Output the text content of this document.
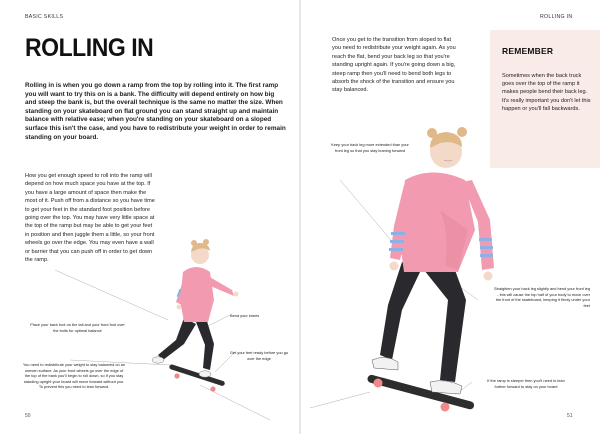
BASIC SKILLS
ROLLING IN
Rolling in is when you go down a ramp from the top by rolling into it. The first ramp you will want to try this on is a bank. The difficulty will depend entirely on how big and steep the bank is, but the overall technique is the same no matter the size. When standing on your skateboard on flat ground you can stand straight up and maintain balance with relative ease; when you're standing on your skateboard on a sloped surface this isn't the case, and you have to redistribute your weight in order to remain standing on your board.
How you get enough speed to roll into the ramp will depend on how much space you have at the top. If you have a large amount of space then make the most of it. Push off from a distance so you have time to get your feet in the standard foot position before going over the top. You may have very little space at the top of the ramp but may be able to get your feet in position and then juggle them a little, so your front wheels go over the edge. You may even have a wall or barrier that you can push off in order to get down the ramp.
Place your back foot on the tail and your front foot over the bolts for optimal balance
Bend your knees
You need to redistribute your weight to stay balanced on an uneven surface. As your front wheels go over the edge of the top of the bank you'll begin to roll down, so if you stay standing upright your board will move forward without you. To prevent this you need to lean forward.
Get your feet ready before you go over the edge
50
ROLLING IN
Once you get to the transition from sloped to flat you need to redistribute your weight again. As you reach the flat, bend your back leg so that you're standing upright again. If you're going down a big, steep ramp then you'll need to bend both legs to absorb the shock of the transition and ensure you stay balanced.
REMEMBER
Sometimes when the back truck goes over the top of the ramp it makes people bend their back leg. It's really important you don't let this happen or you'll fall backwards.
Keep your back leg more extended than your front leg so that you stay leaning forward
Straighten your back leg slightly and bend your front leg - this will cause the top half of your body to move over the front of the skateboard, keeping it firmly under your feet
If the ramp is steeper then you'll need to lean further forward to stay on your board
51
